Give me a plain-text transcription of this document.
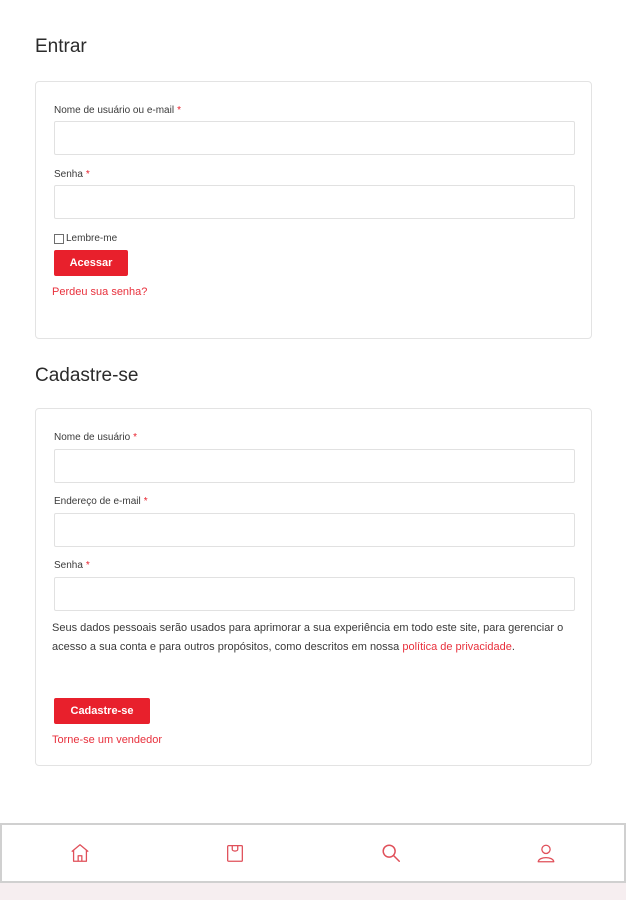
Entrar
Nome de usuário ou e-mail *
Senha *
Lembre-me
Acessar
Perdeu sua senha?
Cadastre-se
Nome de usuário *
Endereço de e-mail *
Senha *

Seus dados pessoais serão usados para aprimorar a sua experiência em todo este site, para gerenciar o acesso a sua conta e para outros propósitos, como descritos em nossa política de privacidade.

Cadastre-se
Torne-se um vendedor
